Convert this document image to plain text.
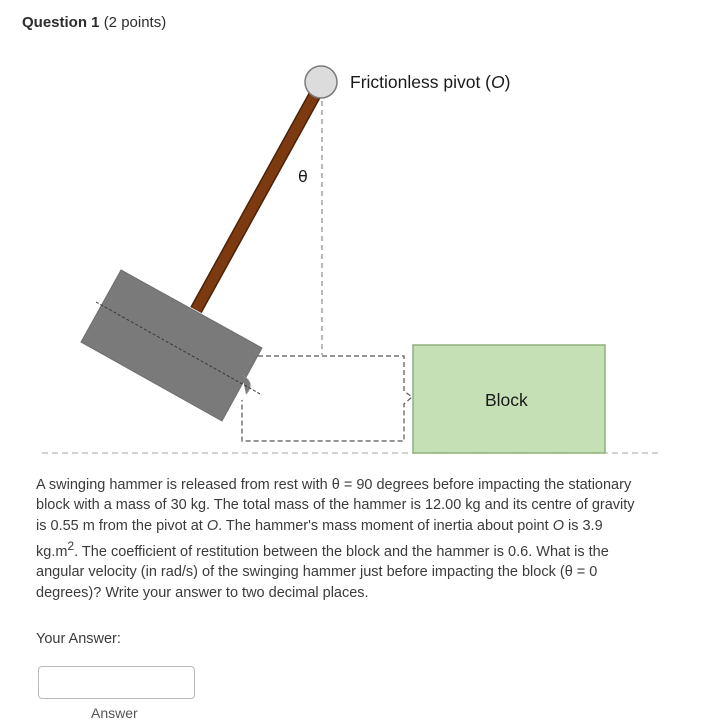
Question 1 (2 points)
Frictionless pivot (O)
θ
Block
A swinging hammer is released from rest with θ = 90 degrees before impacting the stationary block with a mass of 30 kg. The total mass of the hammer is 12.00 kg and its centre of gravity is 0.55 m from the pivot at O. The hammer's mass moment of inertia about point O is 3.9 $kg.m^2$. The coefficient of restitution between the block and the hammer is 0.6. What is the angular velocity (in rad/s) of the swinging hammer just before impacting the block (θ = 0 degrees)? Write your answer to two decimal places.
Your Answer:
Answer
